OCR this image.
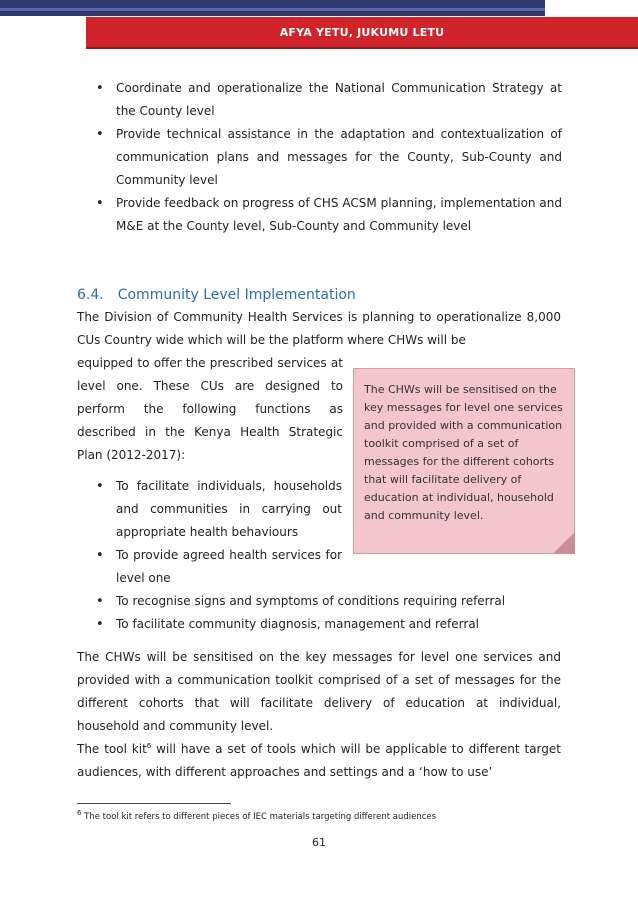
AFYA YETU, JUKUMU LETU
• Coordinate and operationalize the National Communication Strategy at the County level
• Provide technical assistance in the adaptation and contextualization of communication plans and messages for the County, Sub-County and Community level
• Provide feedback on progress of CHS ACSM planning, implementation and M&E at the County level, Sub-County and Community level
6.4. Community Level Implementation
The Division of Community Health Services is planning to operationalize 8,000 CUs Country wide which will be the platform where CHWs will be
equipped to offer the prescribed services at level one. These CUs are designed to perform the following functions as described in the Kenya Health Strategic Plan (2012-2017):
• To facilitate individuals, households and communities in carrying out appropriate health behaviours
• To provide agreed health services for level one
The CHWs will be sensitised on the key messages for level one services and provided with a communication toolkit comprised of a set of messages for the different cohorts that will facilitate delivery of education at individual, household and community level.
• To recognise signs and symptoms of conditions requiring referral
• To facilitate community diagnosis, management and referral
The CHWs will be sensitised on the key messages for level one services and provided with a communication toolkit comprised of a set of messages for the different cohorts that will facilitate delivery of education at individual, household and community level.
The tool kit$^6$ will have a set of tools which will be applicable to different target audiences, with different approaches and settings and a ‘how to use’
$^6$ The tool kit refers to different pieces of IEC materials targeting different audiences
61
